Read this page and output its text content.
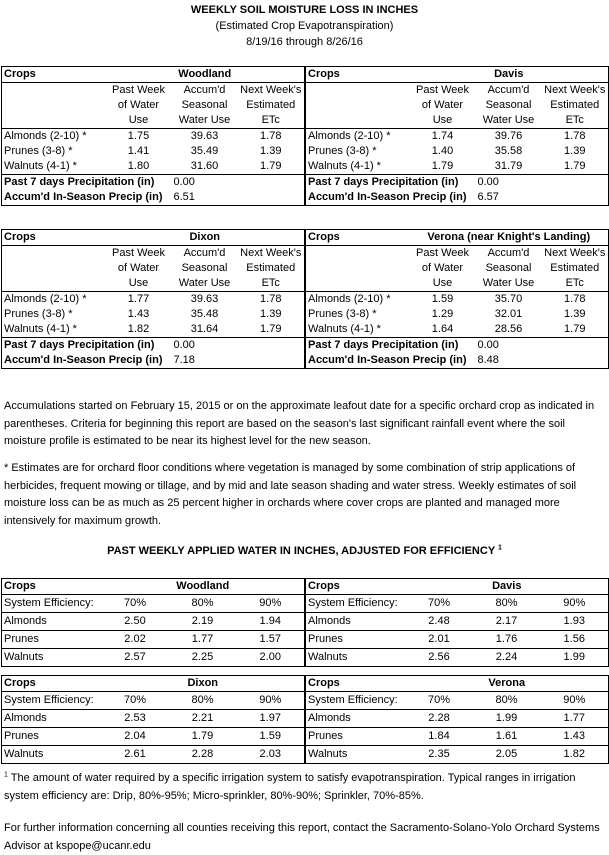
WEEKLY SOIL MOISTURE LOSS IN INCHES
(Estimated Crop Evapotranspiration)
8/19/16 through 8/26/16
Crops	Woodland		
	Past Week	Accum'd	Next Week's
	of Water	Seasonal	Estimated
	Use	Water Use	ETc
Almonds (2-10) *	1.75	39.63	1.78
Prunes (3-8) *	1.41	35.49	1.39
Walnuts (4-1) *	1.80	31.60	1.79
Past 7 days Precipitation (in)		0.00	
Accum'd In-Season Precip (in)		6.51	
Crops	Davis		
	Past Week	Accum'd	Next Week's
	of Water	Seasonal	Estimated
	Use	Water Use	ETc
Almonds (2-10) *	1.74	39.76	1.78
Prunes (3-8) *	1.40	35.58	1.39
Walnuts (4-1) *	1.79	31.79	1.79
Past 7 days Precipitation (in)		0.00	
Accum'd In-Season Precip (in)		6.57	
Crops	Dixon		
	Past Week	Accum'd	Next Week's
	of Water	Seasonal	Estimated
	Use	Water Use	ETc
Almonds (2-10) *	1.77	39.63	1.78
Prunes (3-8) *	1.43	35.48	1.39
Walnuts (4-1) *	1.82	31.64	1.79
Past 7 days Precipitation (in)		0.00	
Accum'd In-Season Precip (in)		7.18	
Crops	Verona (near Knight's Landing)		
	Past Week	Accum'd	Next Week's
	of Water	Seasonal	Estimated
	Use	Water Use	ETc
Almonds (2-10) *	1.59	35.70	1.78
Prunes (3-8) *	1.29	32.01	1.39
Walnuts (4-1) *	1.64	28.56	1.79
Past 7 days Precipitation (in)		0.00	
Accum'd In-Season Precip (in)		8.48	
Accumulations started on February 15, 2015 or on the approximate leafout date for a specific orchard crop as indicated in parentheses. Criteria for beginning this report are based on the season's last significant rainfall event where the soil moisture profile is estimated to be near its highest level for the new season.
* Estimates are for orchard floor conditions where vegetation is managed by some combination of strip applications of herbicides, frequent mowing or tillage, and by mid and late season shading and water stress. Weekly estimates of soil moisture loss can be as much as 25 percent higher in orchards where cover crops are planted and managed more intensively for maximum growth.
PAST WEEKLY APPLIED WATER IN INCHES, ADJUSTED FOR EFFICIENCY $^1$
Crops	Woodland		
System Efficiency:	70%	80%	90%
Almonds	2.50	2.19	1.94
Prunes	2.02	1.77	1.57
Walnuts	2.57	2.25	2.00
Crops	Davis		
System Efficiency:	70%	80%	90%
Almonds	2.48	2.17	1.93
Prunes	2.01	1.76	1.56
Walnuts	2.56	2.24	1.99
Crops	Dixon		
System Efficiency:	70%	80%	90%
Almonds	2.53	2.21	1.97
Prunes	2.04	1.79	1.59
Walnuts	2.61	2.28	2.03
Crops	Verona		
System Efficiency:	70%	80%	90%
Almonds	2.28	1.99	1.77
Prunes	1.84	1.61	1.43
Walnuts	2.35	2.05	1.82
$^1$ The amount of water required by a specific irrigation system to satisfy evapotranspiration. Typical ranges in irrigation system efficiency are: Drip, 80%-95%; Micro-sprinkler, 80%-90%; Sprinkler, 70%-85%.
For further information concerning all counties receiving this report, contact the Sacramento-Solano-Yolo Orchard Systems Advisor at kspope@ucanr.edu
